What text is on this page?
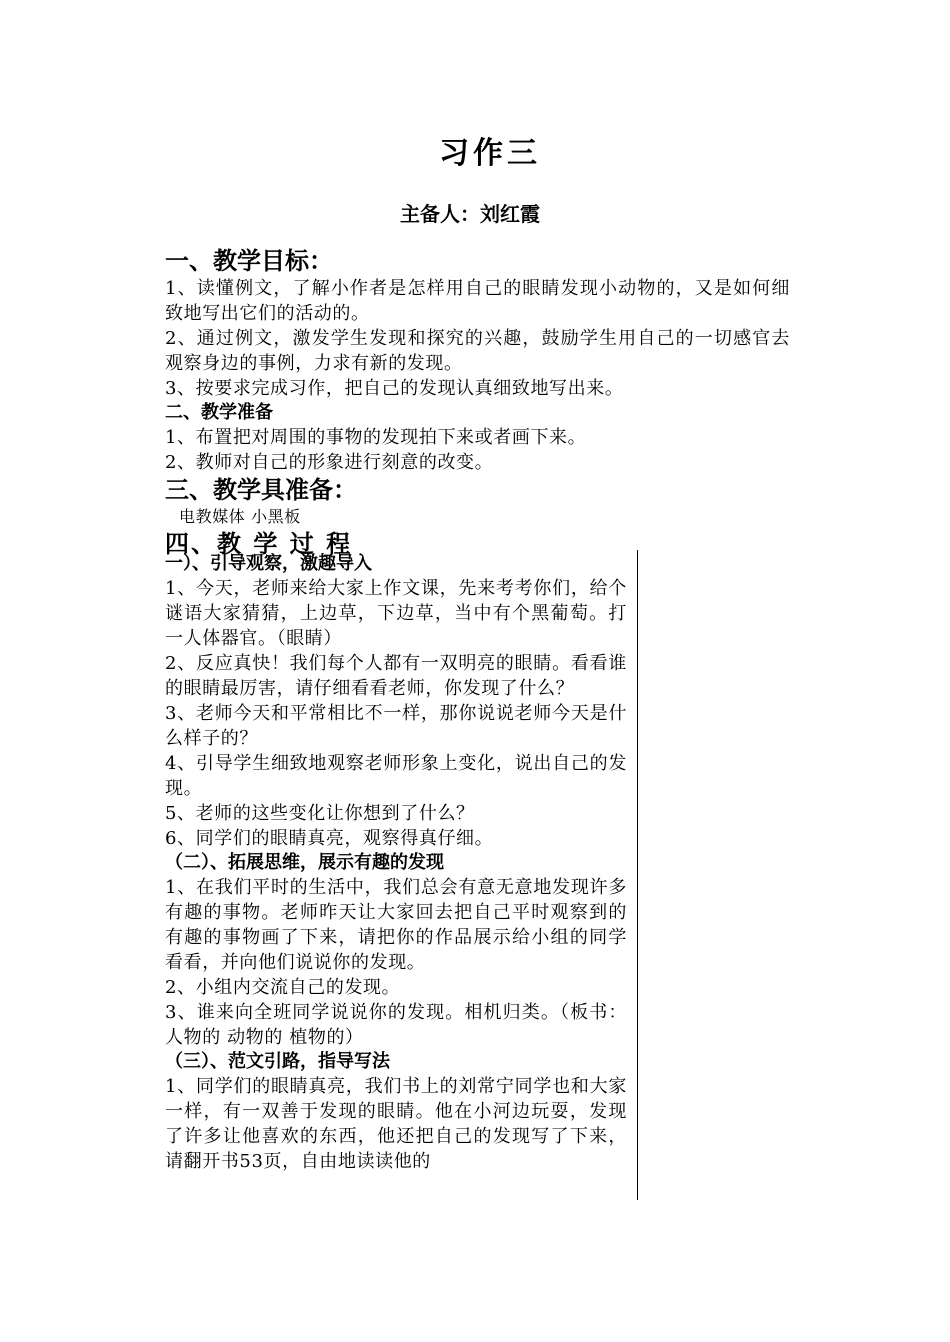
习作三
主备人：刘红霞
一、教学目标：
1、读懂例文，了解小作者是怎样用自己的眼睛发现小动物的，又是如何细致地写出它们的活动的。
2、通过例文，激发学生发现和探究的兴趣，鼓励学生用自己的一切感官去观察身边的事例，力求有新的发现。
3、按要求完成习作，把自己的发现认真细致地写出来。
二、教学准备
1、布置把对周围的事物的发现拍下来或者画下来。
2、教师对自己的形象进行刻意的改变。
三、教学具准备：
电教媒体 小黑板
四、教 学 过 程
一）、引导观察，激趣导入
1、今天，老师来给大家上作文课，先来考考你们，给个谜语大家猜猜，上边草，下边草，当中有个黑葡萄。打一人体器官。（眼睛）
2、反应真快！我们每个人都有一双明亮的眼睛。看看谁的眼睛最厉害，请仔细看看老师，你发现了什么？
3、老师今天和平常相比不一样，那你说说老师今天是什么样子的？
4、引导学生细致地观察老师形象上变化，说出自己的发现。
5、老师的这些变化让你想到了什么？
6、同学们的眼睛真亮，观察得真仔细。
（二）、拓展思维，展示有趣的发现
1、在我们平时的生活中，我们总会有意无意地发现许多有趣的事物。老师昨天让大家回去把自己平时观察到的有趣的事物画了下来，请把你的作品展示给小组的同学看看，并向他们说说你的发现。
2、小组内交流自己的发现。
3、谁来向全班同学说说你的发现。相机归类。（板书：人物的 动物的 植物的）
（三）、范文引路，指导写法
1、同学们的眼睛真亮，我们书上的刘常宁同学也和大家一样，有一双善于发现的眼睛。他在小河边玩耍，发现了许多让他喜欢的东西，他还把自己的发现写了下来，请翻开书53页，自由地读读他的
